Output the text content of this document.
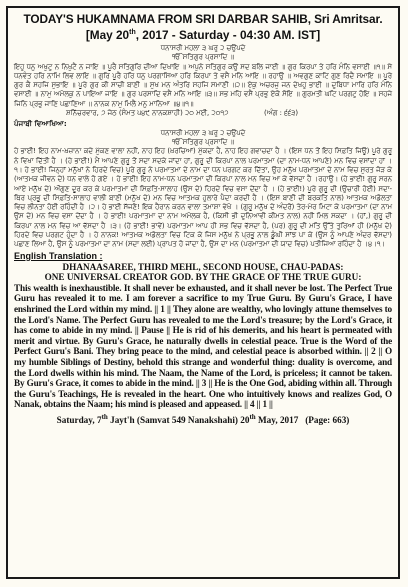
TODAY'S HUKAMNAMA FROM SRI DARBAR SAHIB, Sri Amritsar.

[May 20th, 2017 - Saturday - 04:30 AM. IST]

ਧਨਾਸਰੀ ਮਹਲਾ ੩ ਘਰੁ ੨ ਚਉਪਦੇ

ੴ ਸਤਿਗੁਰ ਪ੍ਰਸਾਦਿ ॥

ਇਹੁ ਧਨੁ ਅਖੁਟੁ ਨ ਨਿਖੁਟੈ ਨ ਜਾਇ ॥ ਪੂਰੈ ਸਤਿਗੁਰਿ ਦੀਆ ਦਿਖਾਇ ॥ ਅਪੁਨੇ ਸਤਿਗੁਰ ਕਉ ਸਦ ਬਲਿ ਜਾਈ ॥ ਗੁਰ ਕਿਰਪਾ ਤੇ ਹਰਿ ਮੰਨਿ ਵਸਾਈ ॥੧॥ ਸੇ ਧਨਵੰਤ ਹਰਿ ਨਾਮਿ ਲਿਵ ਲਾਇ ॥ ਗੁਰਿ ਪੂਰੈ ਹਰਿ ਧਨੁ ਪਰਗਾਸਿਆ ਹਰਿ ਕਿਰਪਾ ਤੇ ਵਸੈ ਮਨਿ ਆਇ ॥ ਰਹਾਉ ॥ ਅਵਗੁਣ ਕਾਟਿ ਗੁਣ ਰਿਦੈ ਸਮਾਇ ॥ ਪੂਰੇ ਗੁਰ ਕੈ ਸਹਜਿ ਸੁਭਾਇ ॥ ਪੂਰੇ ਗੁਰ ਕੀ ਸਾਚੀ ਬਾਣੀ ॥ ਸੁਖ ਮਨ ਅੰਤਰਿ ਸਹਜਿ ਸਮਾਣੀ ॥੨॥ ਏਕੁ ਅਚਰਜੁ ਜਨ ਦੇਖਹੁ ਭਾਈ ॥ ਦੁਬਿਧਾ ਮਾਰਿ ਹਰਿ ਮੰਨਿ ਵਸਾਈ ॥ ਨਾਮੁ ਅਮੋਲਕੁ ਨ ਪਾਇਆ ਜਾਇ ॥ ਗੁਰ ਪਰਸਾਦਿ ਵਸੈ ਮਨਿ ਆਇ ॥੩॥ ਸਭ ਮਹਿ ਵਸੈ ਪ੍ਰਭੁ ਏਕੋ ਸੋਇ ॥ ਗੁਰਮਤੀ ਘਟਿ ਪਰਗਟੁ ਹੋਇ ॥ ਸਹਜੇ ਜਿਨਿ ਪ੍ਰਭੁ ਜਾਣਿ ਪਛਾਣਿਆ ॥ ਨਾਨਕ ਨਾਮੁ ਮਿਲੈ ਮਨੁ ਮਾਨਿਆ ॥੪॥੧॥

ਸ਼ਨਿੱਚਰਵਾਰ, ੭ ਜੇਠ (ਸੰਮਤ ੫੪੯ ਨਾਨਕਸ਼ਾਹੀ) ੨੦ ਮਈ, ੨੦੧੭	(ਅੰਗ : ੬੬੩)

ਪੰਜਾਬੀ ਵਿਆਖਿਆ:

ਧਨਾਸਰੀ ਮਹਲਾ ੩ ਘਰੁ ੨ ਚਉਪਦੇ

ੴ ਸਤਿਗੁਰ ਪ੍ਰਸਾਦਿ ॥

ਹੇ ਭਾਈ! ਇਹ ਨਾਮ-ਖ਼ਜ਼ਾਨਾ ਕਦੇ ਮੁੱਕਣ ਵਾਲਾ ਨਹੀਂ, ਨਾਹ ਇਹ (ਖ਼ਰਚਿਆਂ) ਮੁੱਕਦਾ ਹੈ, ਨਾਹ ਇਹ ਗਵਾਚਦਾ ਹੈ । (ਇਸ ਧਨ ਤੋਂ ਇਹ ਸਿਫ਼ਤਿ ਜਿਊ) ਪੂਰੇ ਗੁਰੂ ਨੇ ਵਿਖਾ ਦਿੱਤੀ ਹੈ । (ਹੇ ਭਾਈ!) ਮੈਂ ਆਪਣੇ ਗੁਰੂ ਤੋਂ ਸਦਾ ਸਦਕੇ ਜਾਂਦਾ ਹਾਂ, ਗੁਰੂ ਦੀ ਕਿਰਪਾ ਨਾਲ ਪਰਮਾਤਮਾ (ਦਾ ਨਾਮ-ਧਨ ਆਪਣੇ) ਮਨ ਵਿਚ ਵਸਾਂਦਾ ਹਾਂ ।੧। ਹੇ ਭਾਈ! ਜਿਨ੍ਹਾਂ ਮਨੁੱਖਾਂ ਨੇ ਹਿਰਦੇ ਵਿਚ) ਪੂਰੇ ਗੁਰੂ ਨੇ ਪਰਮਾਤਮਾ ਦੇ ਨਾਮ ਦਾ ਧਨ ਪਰਗਟ ਕਰ ਦਿੱਤਾ, ਉਹ ਮਨੁੱਖ ਪਰਮਾਤਮਾ ਦੇ ਨਾਮ ਵਿਚ ਸੁਰਤ ਜੋੜ ਕੇ (ਆਤਮਕ ਜੀਵਨ ਦੇ) ਧਨ ਵਾਲੇ ਹੋ ਗਏ । ਹੇ ਭਾਈ! ਇਹ ਨਾਮ-ਧਨ ਪਰਮਾਤਮਾ ਦੀ ਕਿਰਪਾ ਨਾਲ ਮਨ ਵਿਚ ਆ ਕੇ ਵੱਸਦਾ ਹੈ ।ਰਹਾਉ। (ਹੇ ਭਾਈ! ਗੁਰੂ ਸਰਨ ਆਏ ਮਨੁੱਖ ਦੇ) ਔਗੁਣ ਦੂਰ ਕਰ ਕੇ ਪਰਮਾਤਮਾ ਦੀ ਸਿਫ਼ਤਿ-ਸਾਲਾਹ (ਉਸ ਦੇ) ਹਿਰਦੇ ਵਿਚ ਵਸਾ ਦੇਂਦਾ ਹੈ । (ਹੇ ਭਾਈ!) ਪੂਰੇ ਗੁਰੂ ਦੀ (ਉਚਾਰੀ ਹੋਈ) ਸਦਾ-ਥਿਰ ਪ੍ਰਭੂ ਦੀ ਸਿਫ਼ਤਿ-ਸਾਲਾਹ ਵਾਲੀ ਬਾਣੀ (ਮਨੁੱਖ ਦੇ) ਮਨ ਵਿਚ ਆਤਮਕ ਹੁਲਾਰੇ ਪੈਦਾ ਕਰਦੀ ਹੈ । (ਇਸ ਬਾਣੀ ਦੀ ਬਰਕਤਿ ਨਾਲ) ਆਤਮਕ ਅਡੋਲਤਾ ਵਿਚ ਲੀਨਤਾ ਹੋਈ ਰਹਿੰਦੀ ਹੈ ।੨। ਹੇ ਭਾਈ ਸੱਜਣੋ! ਇਕ ਹੈਰਾਨ ਕਰਨ ਵਾਲਾ ਤਮਾਸ਼ਾ ਵੇਖੋ । (ਗੁਰੂ ਮਨੁੱਖ ਦੇ ਅੰਦਰੋਂ) ਤੇਰ-ਮੇਰ ਮਿਟਾ ਕੇ ਪਰਮਾਤਮਾ (ਦਾ ਨਾਮ ਉਸ ਦੇ) ਮਨ ਵਿਚ ਵਸਾ ਦੇਂਦਾ ਹੈ । ਹੇ ਭਾਈ! ਪਰਮਾਤਮਾ ਦਾ ਨਾਮ ਅਮੋਲਕ ਹੈ, (ਕਿਸੀ ਭੀ ਦੁਨਿਆਵੀ ਕੀਮਤ ਨਾਲ) ਨਹੀਂ ਮਿਲ ਸਕਦਾ । (ਹਾਂ,) ਗੁਰੂ ਦੀ ਕਿਰਪਾ ਨਾਲ ਮਨ ਵਿਚ ਆ ਵੱਸਦਾ ਹੈ ।੩। (ਹੇ ਭਾਈ! ਭਾਵੇਂ) ਪਰਮਾਤਮਾ ਆਪ ਹੀ ਸਭ ਵਿਚ ਵੱਸਦਾ ਹੈ, (ਪਰ) ਗੁਰੂ ਦੀ ਮਤਿ ਉੱਤੇ ਤੁਰਿਆਂ ਹੀ (ਮਨੁੱਖ ਦੇ) ਹਿਰਦੇ ਵਿਚ ਪਰਗਟ ਹੁੰਦਾ ਹੈ । ਹੇ ਨਾਨਕ! ਆਤਮਕ ਅਡੋਲਤਾ ਵਿਚ ਟਿਕ ਕੇ ਜਿਸ ਮਨੁੱਖ ਨੇ ਪ੍ਰਭੂ ਨਾਲ ਡੂੰਘੀ ਸਾਂਝ ਪਾ ਕੇ (ਉਸ ਨੂੰ ਆਪਣੇ ਅੰਦਰ ਵੱਸਦਾ) ਪਛਾਣ ਲਿਆ ਹੈ, ਉਸ ਨੂੰ ਪਰਮਾਤਮਾ ਦਾ ਨਾਮ (ਸਦਾ ਲਈ) ਪ੍ਰਾਪਤ ਹੋ ਜਾਂਦਾ ਹੈ, ਉਸ ਦਾ ਮਨ (ਪਰਮਾਤਮਾ ਦੀ ਯਾਦ ਵਿਚ) ਪਤੀਜਿਆ ਰਹਿੰਦਾ ਹੈ ।੪।੧।

English Translation :

DHANAASAREE, THIRD MEHL, SECOND HOUSE, CHAU-PADAS:

ONE UNIVERSAL CREATOR GOD. BY THE GRACE OF THE TRUE GURU:

This wealth is inexhaustible. It shall never be exhausted, and it shall never be lost. The Perfect True Guru has revealed it to me. I am forever a sacrifice to my True Guru. By Guru's Grace, I have enshrined the Lord within my mind. || 1 || They alone are wealthy, who lovingly attune themselves to the Lord's Name. The Perfect Guru has revealed to me the Lord's treasure; by the Lord's Grace, it has come to abide in my mind. || Pause || He is rid of his demerits, and his heart is permeated with merit and virtue. By Guru's Grace, he naturally dwells in celestial peace. True is the Word of the Perfect Guru's Bani. They bring peace to the mind, and celestial peace is absorbed within. || 2 || O my humble Siblings of Destiny, behold this strange and wonderful thing: duality is overcome, and the Lord dwells within his mind. The Naam, the Name of the Lord, is priceless; it cannot be taken. By Guru's Grace, it comes to abide in the mind. || 3 || He is the One God, abiding within all. Through the Guru's Teachings, He is revealed in the heart. One who intuitively knows and realizes God, O Nanak, obtains the Naam; his mind is pleased and appeased. || 4 || 1 ||

Saturday, 7th Jayt'h (Samvat 549 Nanakshahi) 20th May, 2017 (Page: 663)
